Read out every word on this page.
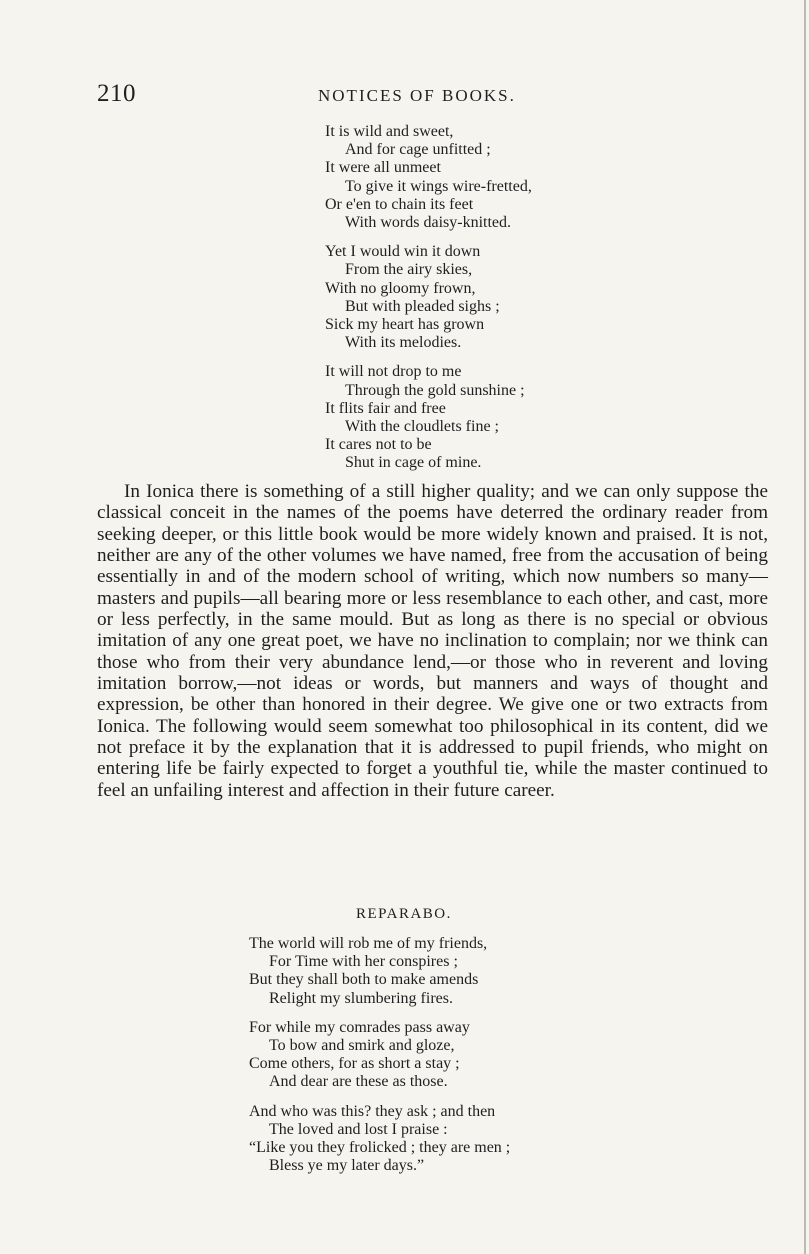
210	NOTICES OF BOOKS.
It is wild and sweet,
And for cage unfitted ;
It were all unmeet
To give it wings wire-fretted,
Or e'en to chain its feet
With words daisy-knitted.
Yet I would win it down
From the airy skies,
With no gloomy frown,
But with pleaded sighs ;
Sick my heart has grown
With its melodies.
It will not drop to me
Through the gold sunshine ;
It flits fair and free
With the cloudlets fine ;
It cares not to be
Shut in cage of mine.

In Ionica there is something of a still higher quality; and we can only suppose the classical conceit in the names of the poems have deterred the ordinary reader from seeking deeper, or this little book would be more widely known and praised. It is not, neither are any of the other volumes we have named, free from the accusation of being essentially in and of the modern school of writing, which now numbers so many—masters and pupils—all bearing more or less resemblance to each other, and cast, more or less perfectly, in the same mould. But as long as there is no special or obvious imitation of any one great poet, we have no inclination to complain; nor we think can those who from their very abundance lend,—or those who in reverent and loving imitation borrow,—not ideas or words, but manners and ways of thought and expression, be other than honored in their degree. We give one or two extracts from Ionica. The following would seem somewhat too philosophical in its content, did we not preface it by the explanation that it is addressed to pupil friends, who might on entering life be fairly expected to forget a youthful tie, while the master continued to feel an unfailing interest and affection in their future career.

REPARABO.
The world will rob me of my friends,
For Time with her conspires ;
But they shall both to make amends
Relight my slumbering fires.
For while my comrades pass away
To bow and smirk and gloze,
Come others, for as short a stay ;
And dear are these as those.
And who was this? they ask ; and then
The loved and lost I praise :
“Like you they frolicked ; they are men ;
Bless ye my later days.”
